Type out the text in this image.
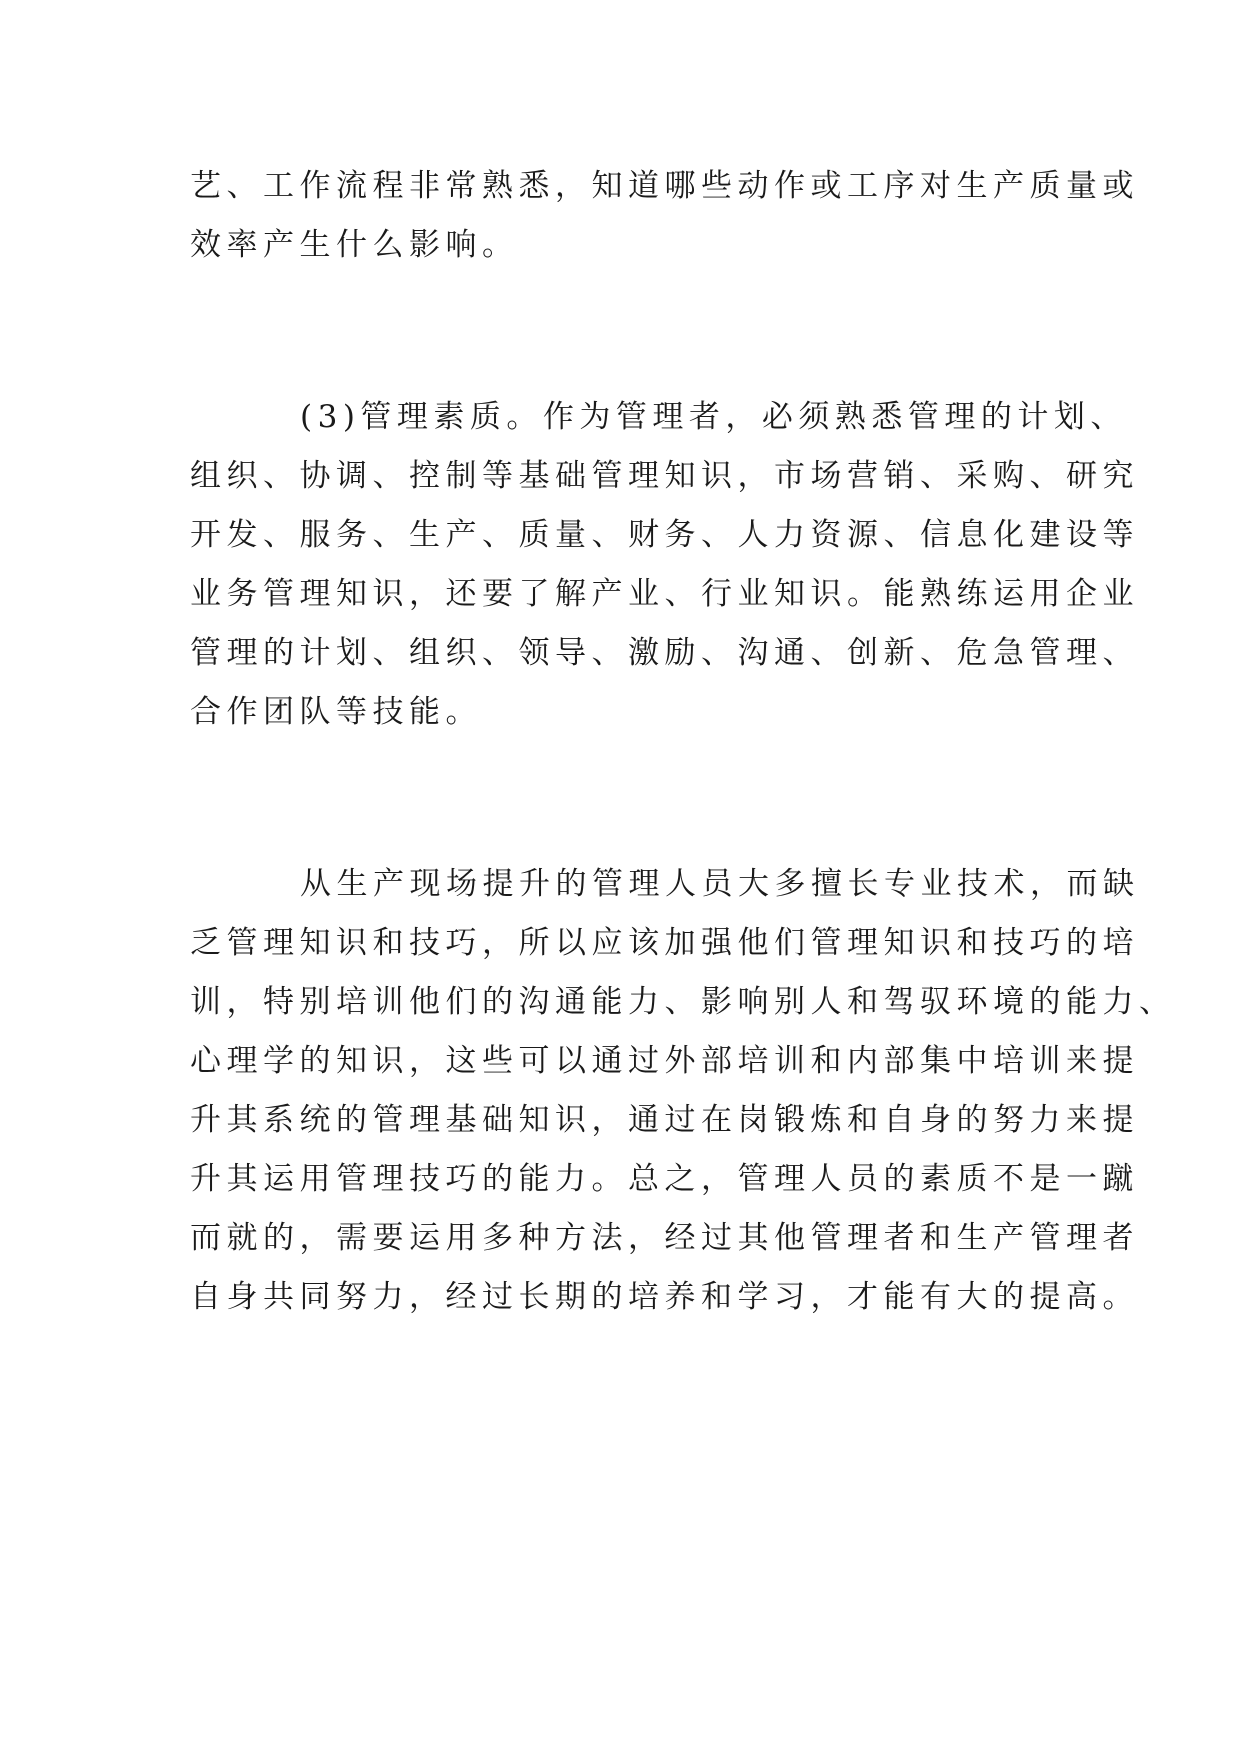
艺、工作流程非常熟悉，知道哪些动作或工序对生产质量或
效率产生什么影响。
(3)管理素质。作为管理者，必须熟悉管理的计划、
组织、协调、控制等基础管理知识，市场营销、采购、研究
开发、服务、生产、质量、财务、人力资源、信息化建设等
业务管理知识，还要了解产业、行业知识。能熟练运用企业
管理的计划、组织、领导、激励、沟通、创新、危急管理、
合作团队等技能。
从生产现场提升的管理人员大多擅长专业技术，而缺
乏管理知识和技巧，所以应该加强他们管理知识和技巧的培
训，特别培训他们的沟通能力、影响别人和驾驭环境的能力、
心理学的知识，这些可以通过外部培训和内部集中培训来提
升其系统的管理基础知识，通过在岗锻炼和自身的努力来提
升其运用管理技巧的能力。总之，管理人员的素质不是一蹴
而就的，需要运用多种方法，经过其他管理者和生产管理者
自身共同努力，经过长期的培养和学习，才能有大的提高。
